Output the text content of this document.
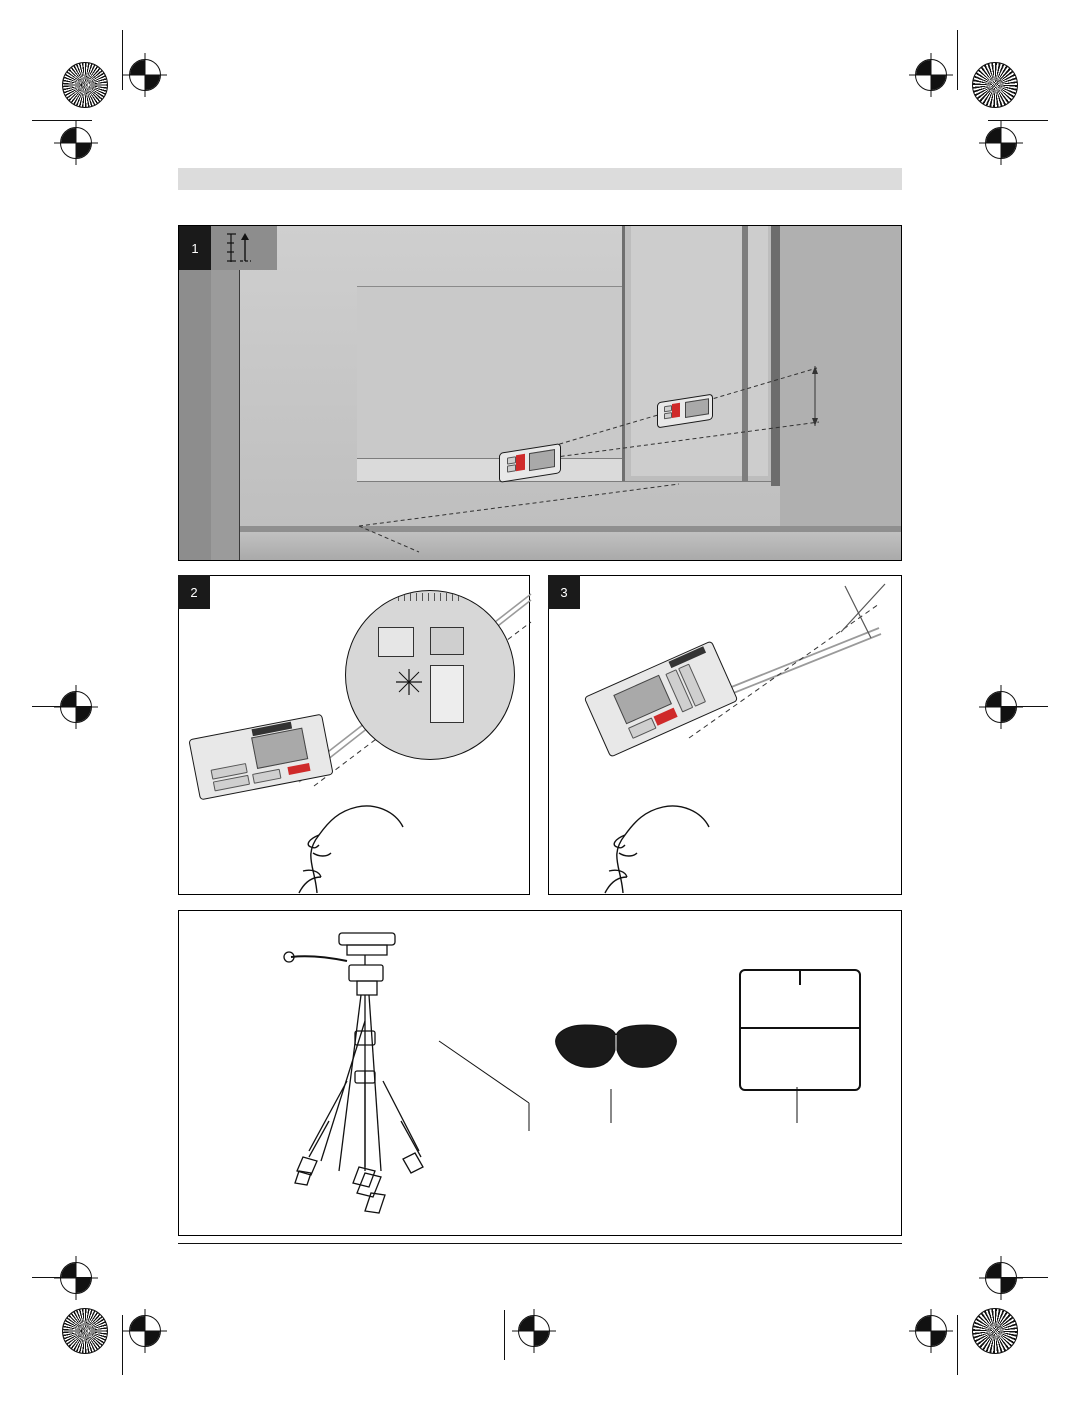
1
2	3
